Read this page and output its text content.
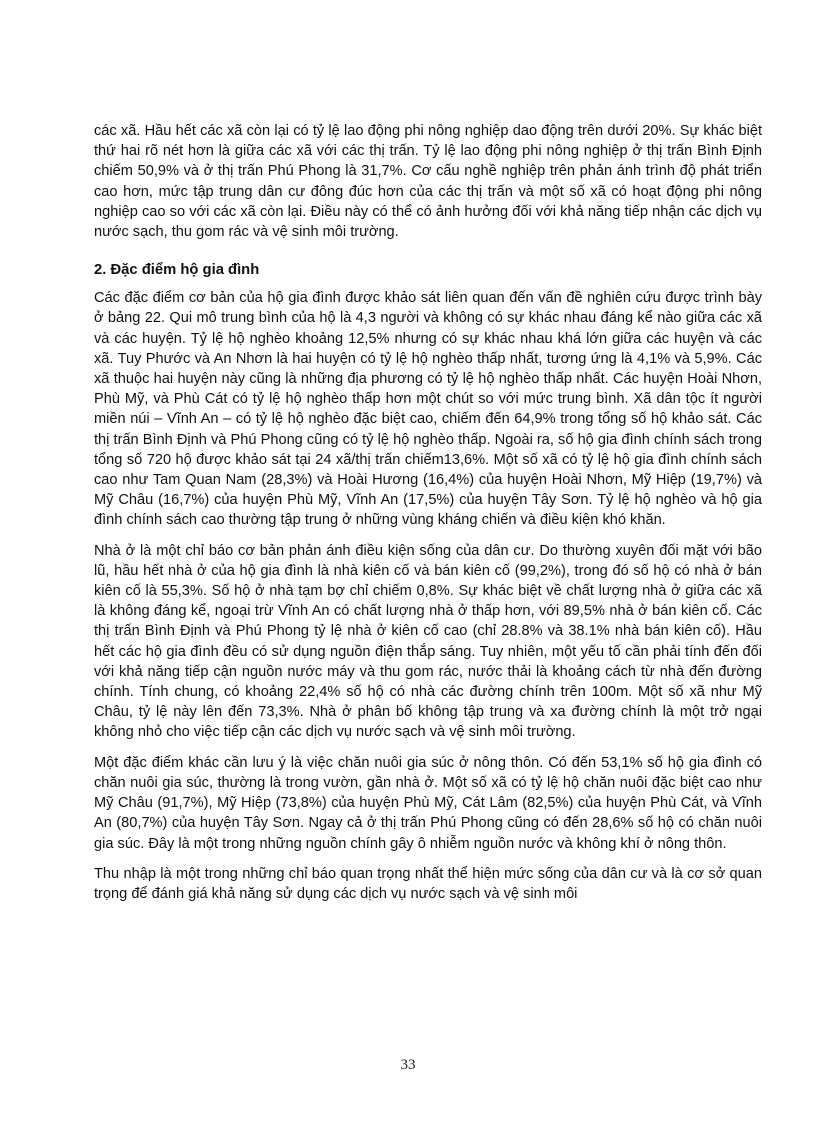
các xã. Hầu hết các xã còn lại có tỷ lệ lao động phi nông nghiệp dao động trên dưới 20%. Sự khác biệt thứ hai rõ nét hơn là giữa các xã với các thị trấn. Tỷ lệ lao động phi nông nghiệp ở thị trấn Bình Định chiếm 50,9% và ở thị trấn Phú Phong là 31,7%. Cơ cấu nghề nghiệp trên phản ánh trình độ phát triển cao hơn, mức tập trung dân cư đông đúc hơn của các thị trấn và một số xã có hoạt động phi nông nghiệp cao so với các xã còn lại. Điều này có thể có ảnh hưởng đối với khả năng tiếp nhận các dịch vụ nước sạch, thu gom rác và vệ sinh môi trường.

2. Đặc điểm hộ gia đình

Các đặc điểm cơ bản của hộ gia đình được khảo sát liên quan đến vấn đề nghiên cứu được trình bày ở bảng 22. Qui mô trung bình của hộ là 4,3 người và không có sự khác nhau đáng kể nào giữa các xã và các huyện. Tỷ lệ hộ nghèo khoảng 12,5% nhưng có sự khác nhau khá lớn giữa các huyện và các xã. Tuy Phước và An Nhơn là hai huyện có tỷ lệ hộ nghèo thấp nhất, tương ứng là 4,1% và 5,9%. Các xã thuộc hai huyện này cũng là những địa phương có tỷ lệ hộ nghèo thấp nhất. Các huyện Hoài Nhơn, Phù Mỹ, và Phù Cát có tỷ lệ hộ nghèo thấp hơn một chút so với mức trung bình. Xã dân tộc ít người miền núi – Vĩnh An – có tỷ lệ hộ nghèo đặc biệt cao, chiếm đến 64,9% trong tổng số hộ khảo sát. Các thị trấn Bình Định và Phú Phong cũng có tỷ lệ hộ nghèo thấp. Ngoài ra, số hộ gia đình chính sách trong tổng số 720 hộ được khảo sát tại 24 xã/thị trấn chiếm13,6%. Một số xã có tỷ lệ hộ gia đình chính sách cao như Tam Quan Nam (28,3%) và Hoài Hương (16,4%) của huyện Hoài Nhơn, Mỹ Hiệp (19,7%) và Mỹ Châu (16,7%) của huyện Phù Mỹ, Vĩnh An (17,5%) của huyện Tây Sơn. Tỷ lệ hộ nghèo và hộ gia đình chính sách cao thường tập trung ở những vùng kháng chiến và điều kiện khó khăn.

Nhà ở là một chỉ báo cơ bản phản ánh điều kiện sống của dân cư. Do thường xuyên đối mặt với bão lũ, hầu hết nhà ở của hộ gia đình là nhà kiên cố và bán kiên cố (99,2%), trong đó số hộ có nhà ở bán kiên cố là 55,3%. Số hộ ở nhà tạm bợ chỉ chiếm 0,8%. Sự khác biệt về chất lượng nhà ở giữa các xã là không đáng kể, ngoại trừ Vĩnh An có chất lượng nhà ở thấp hơn, với 89,5% nhà ở bán kiên cố. Các thị trấn Bình Định và Phú Phong tỷ lệ nhà ở kiên cố cao (chỉ 28.8% và 38.1% nhà bán kiên cố). Hầu hết các hộ gia đình đều có sử dụng nguồn điện thắp sáng. Tuy nhiên, một yếu tố cần phải tính đến đối với khả năng tiếp cận nguồn nước máy và thu gom rác, nước thải là khoảng cách từ nhà đến đường chính. Tính chung, có khoảng 22,4% số hộ có nhà các đường chính trên 100m. Một số xã như Mỹ Châu, tỷ lệ này lên đến 73,3%. Nhà ở phân bố không tập trung và xa đường chính là một trở ngại không nhỏ cho việc tiếp cận các dịch vụ nước sạch và vệ sinh môi trường.

Một đặc điểm khác cần lưu ý là việc chăn nuôi gia súc ở nông thôn. Có đến 53,1% số hộ gia đình có chăn nuôi gia súc, thường là trong vườn, gần nhà ở. Một số xã có tỷ lệ hộ chăn nuôi đặc biệt cao như Mỹ Châu (91,7%), Mỹ Hiệp (73,8%) của huyện Phù Mỹ, Cát Lâm (82,5%) của huyện Phù Cát, và Vĩnh An (80,7%) của huyện Tây Sơn. Ngay cả ở thị trấn Phú Phong cũng có đến 28,6% số hộ có chăn nuôi gia súc. Đây là một trong những nguồn chính gây ô nhiễm nguồn nước và không khí ở nông thôn.

Thu nhập là một trong những chỉ báo quan trọng nhất thể hiện mức sống của dân cư và là cơ sở quan trọng để đánh giá khả năng sử dụng các dịch vụ nước sạch và vệ sinh môi

33
